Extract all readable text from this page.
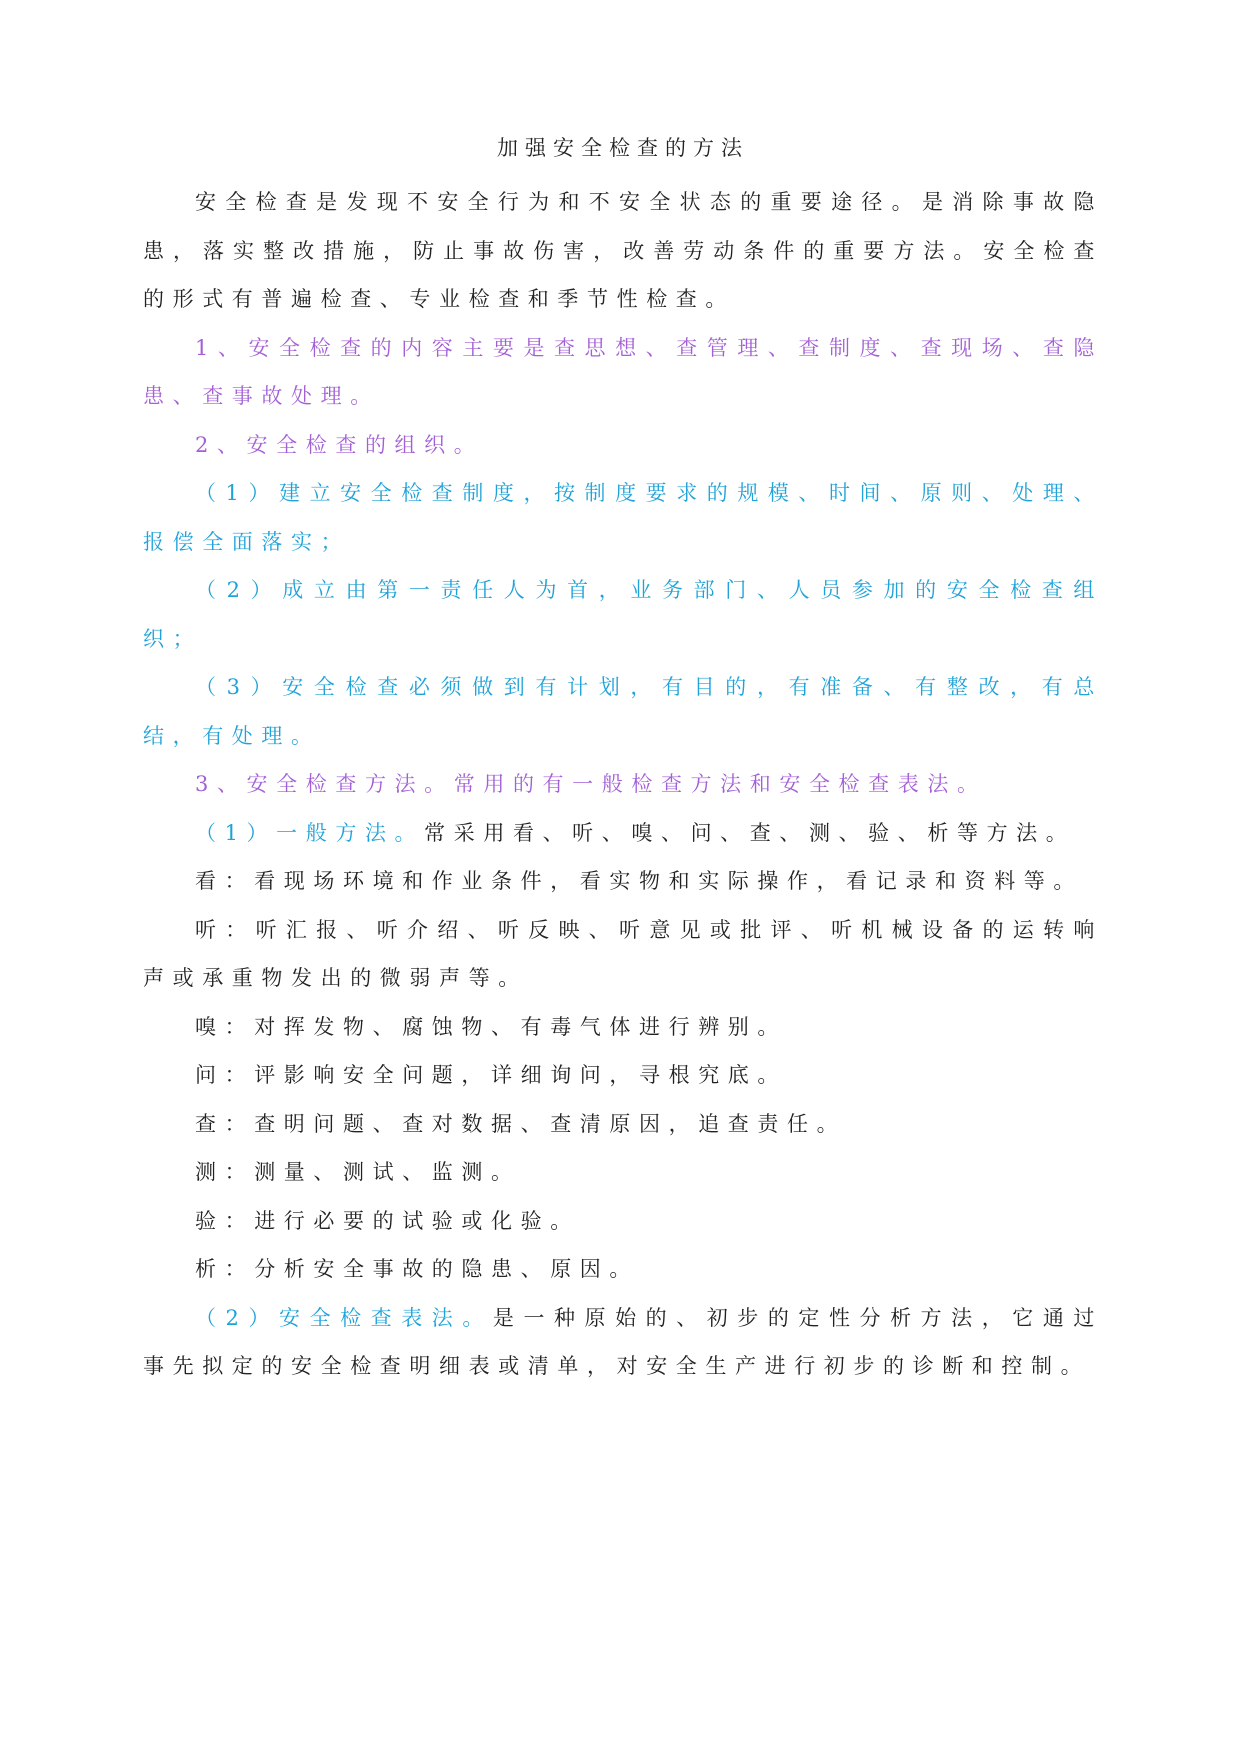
加强安全检查的方法

安全检查是发现不安全行为和不安全状态的重要途径。是消除事故隐患，落实整改措施，防止事故伤害，改善劳动条件的重要方法。安全检查的形式有普遍检查、专业检查和季节性检查。

1、安全检查的内容主要是查思想、查管理、查制度、查现场、查隐患、查事故处理。

2、安全检查的组织。

（1）建立安全检查制度，按制度要求的规模、时间、原则、处理、报偿全面落实；

（2）成立由第一责任人为首，业务部门、人员参加的安全检查组织；

（3）安全检查必须做到有计划，有目的，有准备、有整改，有总结，有处理。

3、安全检查方法。常用的有一般检查方法和安全检查表法。

（1）一般方法。常采用看、听、嗅、问、查、测、验、析等方法。

看：看现场环境和作业条件，看实物和实际操作，看记录和资料等。

听：听汇报、听介绍、听反映、听意见或批评、听机械设备的运转响声或承重物发出的微弱声等。

嗅：对挥发物、腐蚀物、有毒气体进行辨别。

问：评影响安全问题，详细询问，寻根究底。

查：查明问题、查对数据、查清原因，追查责任。

测：测量、测试、监测。

验：进行必要的试验或化验。

析：分析安全事故的隐患、原因。

（2）安全检查表法。是一种原始的、初步的定性分析方法，它通过事先拟定的安全检查明细表或清单，对安全生产进行初步的诊断和控制。
